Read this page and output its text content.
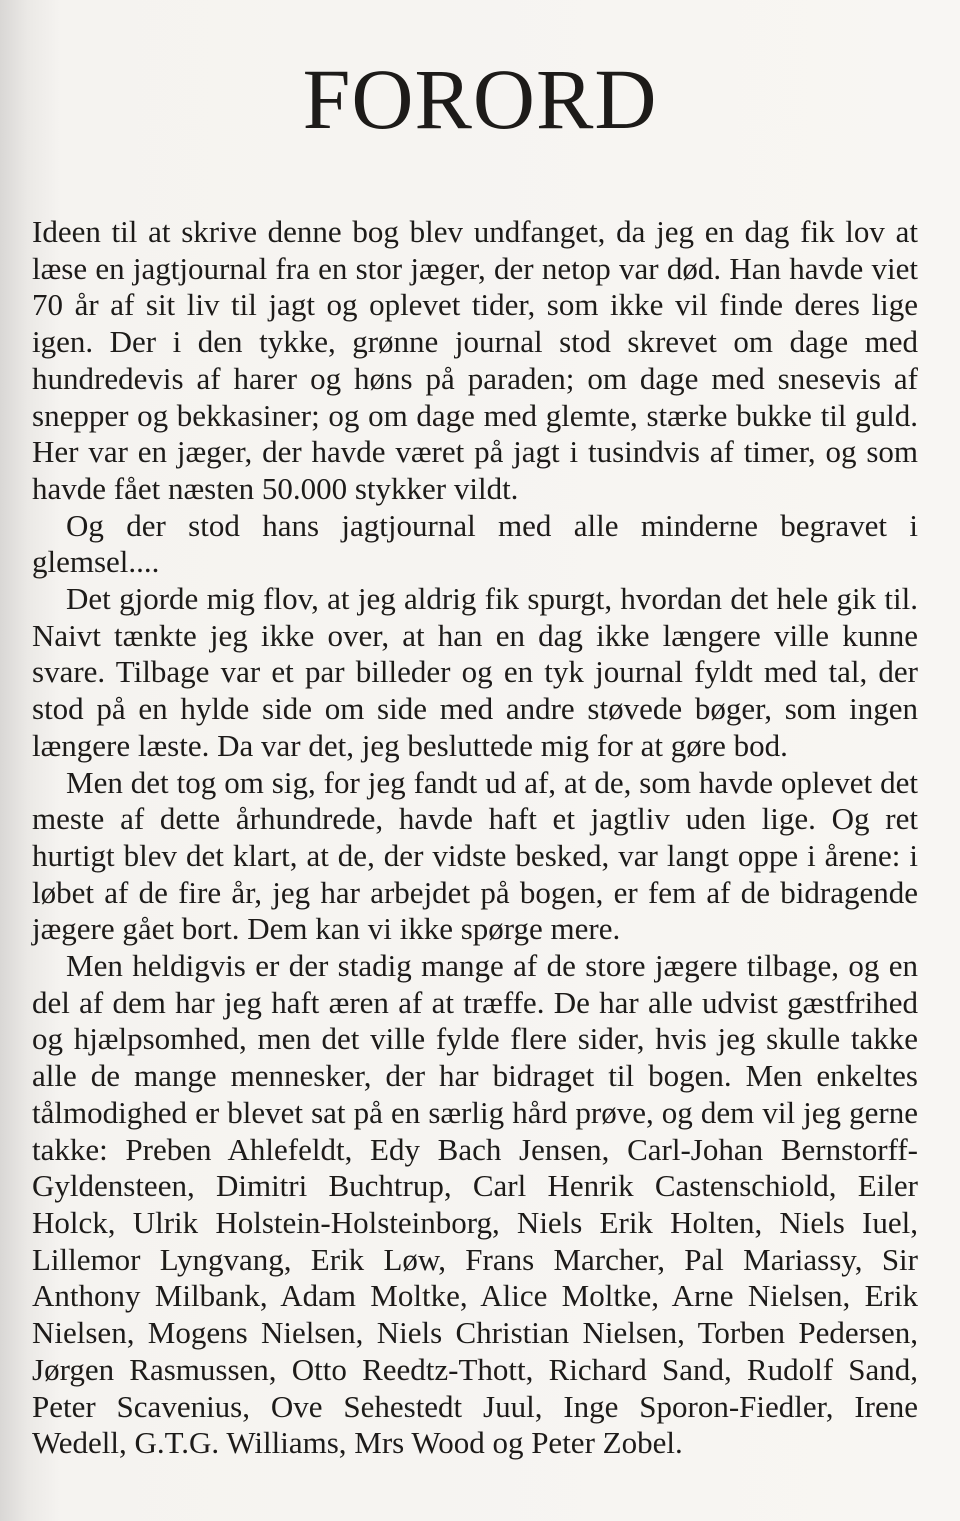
FORORD

Ideen til at skrive denne bog blev undfanget, da jeg en dag fik lov at læse en jagtjournal fra en stor jæger, der netop var død. Han havde viet 70 år af sit liv til jagt og oplevet tider, som ikke vil finde deres lige igen. Der i den tykke, grønne journal stod skrevet om dage med hundredevis af harer og høns på paraden; om dage med snesevis af snepper og bekkasiner; og om dage med glemte, stærke bukke til guld. Her var en jæger, der havde været på jagt i tusindvis af timer, og som havde fået næsten 50.000 stykker vildt.

Og der stod hans jagtjournal med alle minderne begravet i glemsel....

Det gjorde mig flov, at jeg aldrig fik spurgt, hvordan det hele gik til. Naivt tænkte jeg ikke over, at han en dag ikke længere ville kunne svare. Tilbage var et par billeder og en tyk journal fyldt med tal, der stod på en hylde side om side med andre støvede bøger, som ingen længere læste. Da var det, jeg besluttede mig for at gøre bod.

Men det tog om sig, for jeg fandt ud af, at de, som havde oplevet det meste af dette århundrede, havde haft et jagtliv uden lige. Og ret hurtigt blev det klart, at de, der vidste besked, var langt oppe i årene: i løbet af de fire år, jeg har arbejdet på bogen, er fem af de bidragende jægere gået bort. Dem kan vi ikke spørge mere.

Men heldigvis er der stadig mange af de store jægere tilbage, og en del af dem har jeg haft æren af at træffe. De har alle udvist gæstfrihed og hjælpsomhed, men det ville fylde flere sider, hvis jeg skulle takke alle de mange mennesker, der har bidraget til bogen. Men enkeltes tålmodighed er blevet sat på en særlig hård prøve, og dem vil jeg gerne takke: Preben Ahlefeldt, Edy Bach Jensen, Carl-Johan Bernstorff-Gyldensteen, Dimitri Buchtrup, Carl Henrik Castenschiold, Eiler Holck, Ulrik Holstein-Holsteinborg, Niels Erik Holten, Niels Iuel, Lillemor Lyngvang, Erik Løw, Frans Marcher, Pal Mariassy, Sir Anthony Milbank, Adam Moltke, Alice Moltke, Arne Nielsen, Erik Nielsen, Mogens Nielsen, Niels Christian Nielsen, Torben Pedersen, Jørgen Rasmussen, Otto Reedtz-Thott, Richard Sand, Rudolf Sand, Peter Scavenius, Ove Sehestedt Juul, Inge Sporon-Fiedler, Irene Wedell, G.T.G. Williams, Mrs Wood og Peter Zobel.
